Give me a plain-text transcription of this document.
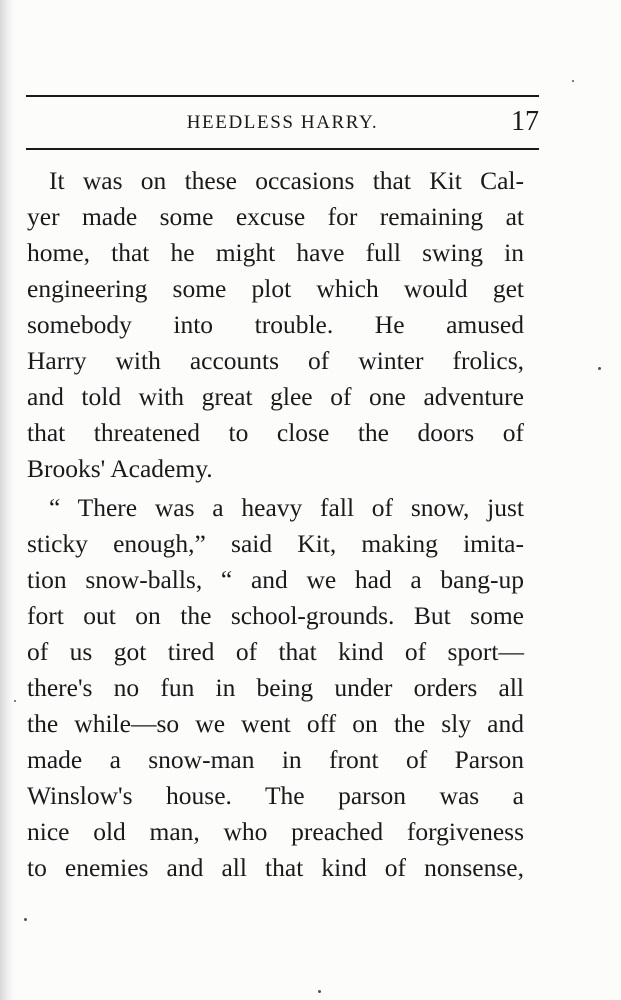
HEEDLESS HARRY.	17
It was on these occasions that Kit Cal-
yer made some excuse for remaining at
home, that he might have full swing in
engineering some plot which would get
somebody into trouble. He amused
Harry with accounts of winter frolics,
and told with great glee of one adventure
that threatened to close the doors of
Brooks' Academy.
“ There was a heavy fall of snow, just
sticky enough,” said Kit, making imita-
tion snow-balls, “ and we had a bang-up
fort out on the school-grounds. But some
of us got tired of that kind of sport—
there's no fun in being under orders all
the while—so we went off on the sly and
made a snow-man in front of Parson
Winslow's house. The parson was a
nice old man, who preached forgiveness
to enemies and all that kind of nonsense,
